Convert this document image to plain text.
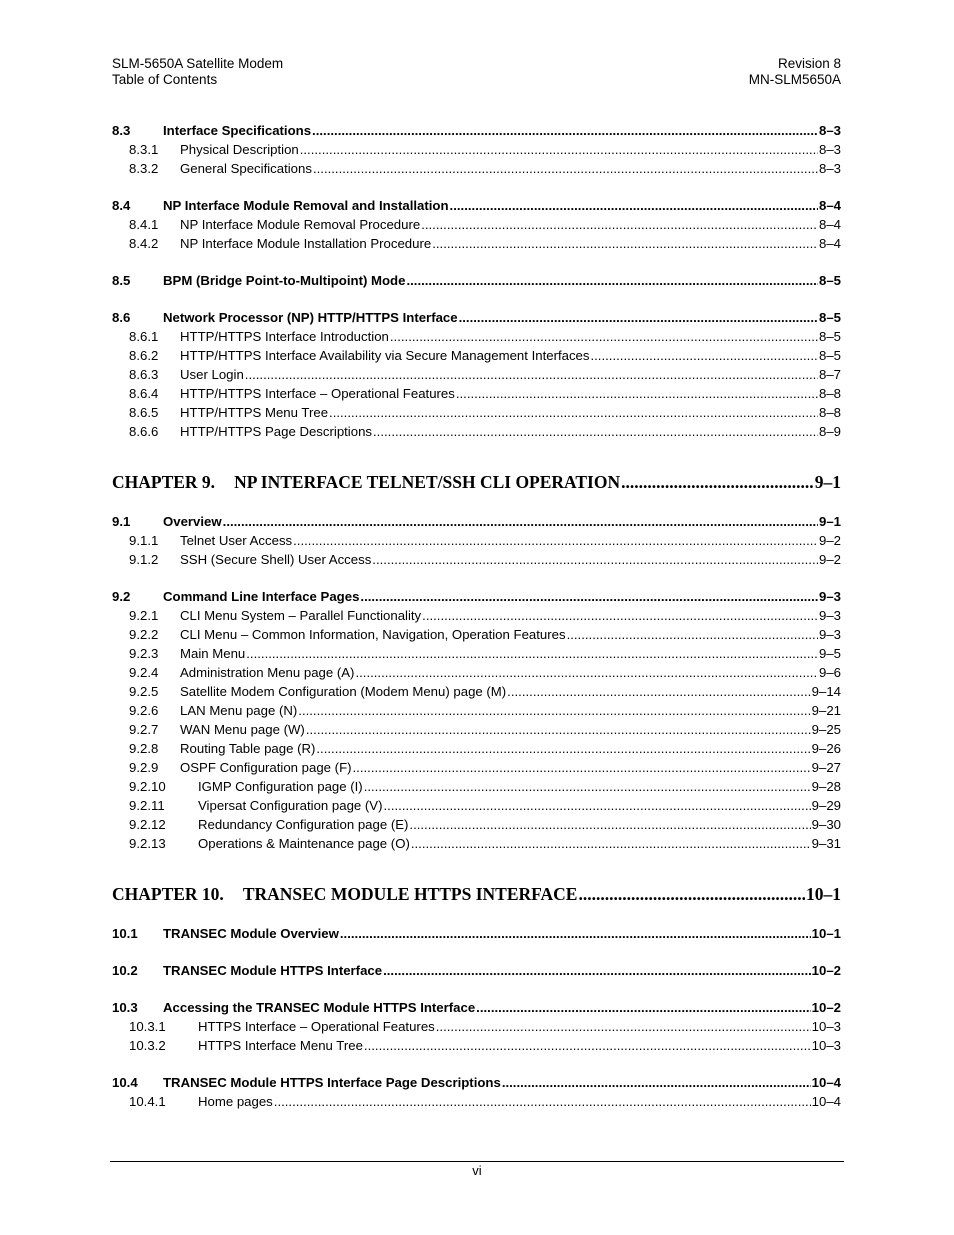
SLM-5650A Satellite Modem
Table of Contents
Revision 8
MN-SLM5650A
8.3	Interface Specifications .....	8–3
8.3.1	Physical Description .....	8–3
8.3.2	General Specifications .....	8–3
8.4	NP Interface Module Removal and Installation .....	8–4
8.4.1	NP Interface Module Removal Procedure .....	8–4
8.4.2	NP Interface Module Installation Procedure .....	8–4
8.5	BPM (Bridge Point-to-Multipoint) Mode .....	8–5
8.6	Network Processor (NP) HTTP/HTTPS Interface .....	8–5
8.6.1	HTTP/HTTPS Interface Introduction .....	8–5
8.6.2	HTTP/HTTPS Interface Availability via Secure Management Interfaces .....	8–5
8.6.3	User Login .....	8–7
8.6.4	HTTP/HTTPS Interface – Operational Features .....	8–8
8.6.5	HTTP/HTTPS Menu Tree .....	8–8
8.6.6	HTTP/HTTPS Page Descriptions .....	8–9
CHAPTER 9. NP INTERFACE TELNET/SSH CLI OPERATION .....	9–1
9.1	Overview .....	9–1
9.1.1	Telnet User Access .....	9–2
9.1.2	SSH (Secure Shell) User Access .....	9–2
9.2	Command Line Interface Pages .....	9–3
9.2.1	CLI Menu System – Parallel Functionality .....	9–3
9.2.2	CLI Menu – Common Information, Navigation, Operation Features .....	9–3
9.2.3	Main Menu .....	9–5
9.2.4	Administration Menu page (A) .....	9–6
9.2.5	Satellite Modem Configuration (Modem Menu) page (M) .....	9–14
9.2.6	LAN Menu page (N) .....	9–21
9.2.7	WAN Menu page (W) .....	9–25
9.2.8	Routing Table page (R) .....	9–26
9.2.9	OSPF Configuration page (F) .....	9–27
9.2.10	IGMP Configuration page (I) .....	9–28
9.2.11	Vipersat Configuration page (V) .....	9–29
9.2.12	Redundancy Configuration page (E) .....	9–30
9.2.13	Operations & Maintenance page (O) .....	9–31
CHAPTER 10. TRANSEC MODULE HTTPS INTERFACE .....	10–1
10.1	TRANSEC Module Overview .....	10–1
10.2	TRANSEC Module HTTPS Interface .....	10–2
10.3	Accessing the TRANSEC Module HTTPS Interface .....	10–2
10.3.1	HTTPS Interface – Operational Features .....	10–3
10.3.2	HTTPS Interface Menu Tree .....	10–3
10.4	TRANSEC Module HTTPS Interface Page Descriptions .....	10–4
10.4.1	Home pages .....	10–4
vi
